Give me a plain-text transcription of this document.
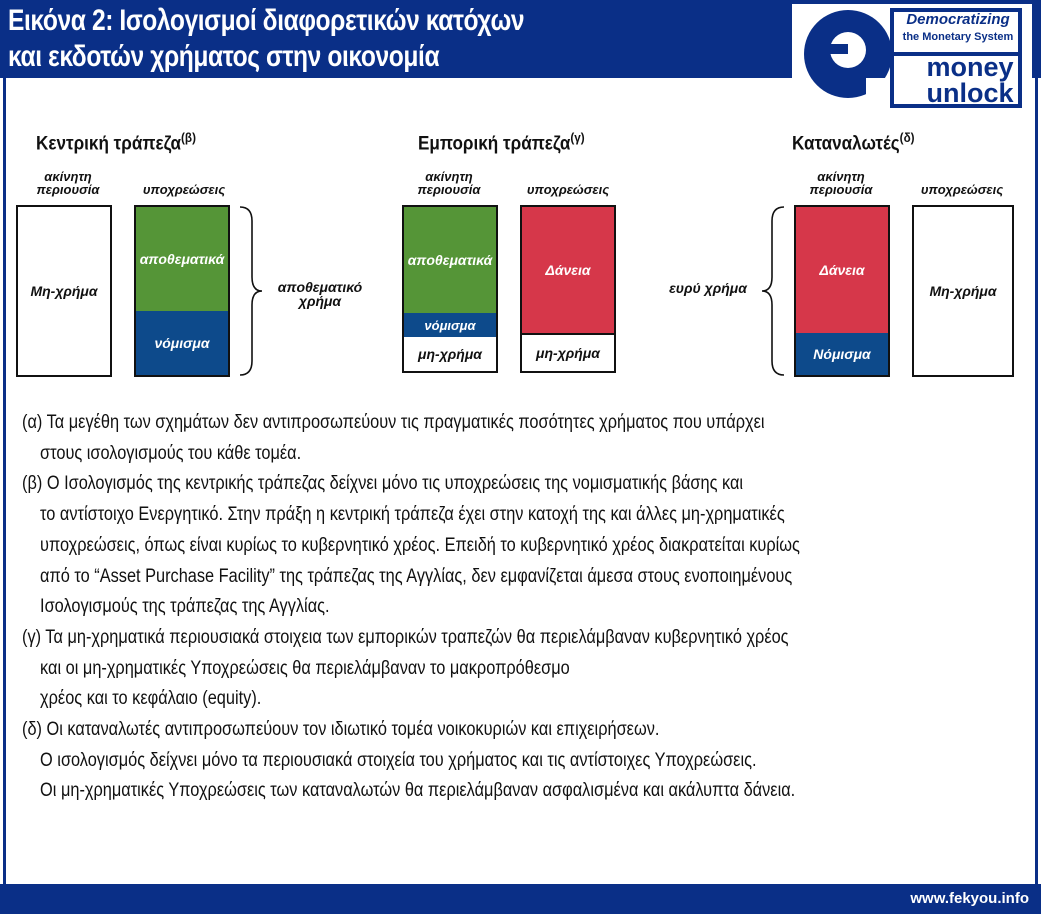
Εικόνα 2: Ισολογισμοί διαφορετικών κατόχων
και εκδοτών χρήματος στην οικονομία
Democratizing
the Monetary System
money
unlock
Κεντρική τράπεζα$^{(\beta)}$
ακίνητη περιουσία	υποχρεώσεις
Μη-χρήμα
αποθεματικά
νόμισμα
αποθεματικό
χρήμα
Εμπορική τράπεζα$^{(\gamma)}$
ακίνητη περιουσία	υποχρεώσεις
αποθεματικά
νόμισμα
μη-χρήμα
Δάνεια
μη-χρήμα
Καταναλωτές$^{(\delta)}$
ακίνητη περιουσία	υποχρεώσεις
ευρύ χρήμα
Δάνεια
Νόμισμα
Μη-χρήμα
(α) Τα μεγέθη των σχημάτων δεν αντιπροσωπεύουν τις πραγματικές ποσότητες χρήματος που υπάρχει
στους ισολογισμούς του κάθε τομέα.
(β) Ο Ισολογισμός της κεντρικής τράπεζας δείχνει μόνο τις υποχρεώσεις της νομισματικής βάσης και
το αντίστοιχο Ενεργητικό. Στην πράξη η κεντρική τράπεζα έχει στην κατοχή της και άλλες μη-χρηματικές
υποχρεώσεις, όπως είναι κυρίως το κυβερνητικό χρέος. Επειδή το κυβερνητικό χρέος διακρατείται κυρίως
από το “Asset Purchase Facility” της τράπεζας της Αγγλίας, δεν εμφανίζεται άμεσα στους ενοποιημένους
Ισολογισμούς της τράπεζας της Αγγλίας.
(γ) Τα μη-χρηματικά περιουσιακά στοιχεια των εμπορικών τραπεζών θα περιελάμβαναν κυβερνητικό χρέος
και οι μη-χρηματικές Υποχρεώσεις θα περιελάμβαναν το μακροπρόθεσμο
χρέος και το κεφάλαιο (equity).
(δ) Οι καταναλωτές αντιπροσωπεύουν τον ιδιωτικό τομέα νοικοκυριών και επιχειρήσεων.
Ο ισολογισμός δείχνει μόνο τα περιουσιακά στοιχεία του χρήματος και τις αντίστοιχες Υποχρεώσεις.
Οι μη-χρηματικές Υποχρεώσεις των καταναλωτών θα περιελάμβαναν ασφαλισμένα και ακάλυπτα δάνεια.
www.fekyou.info
